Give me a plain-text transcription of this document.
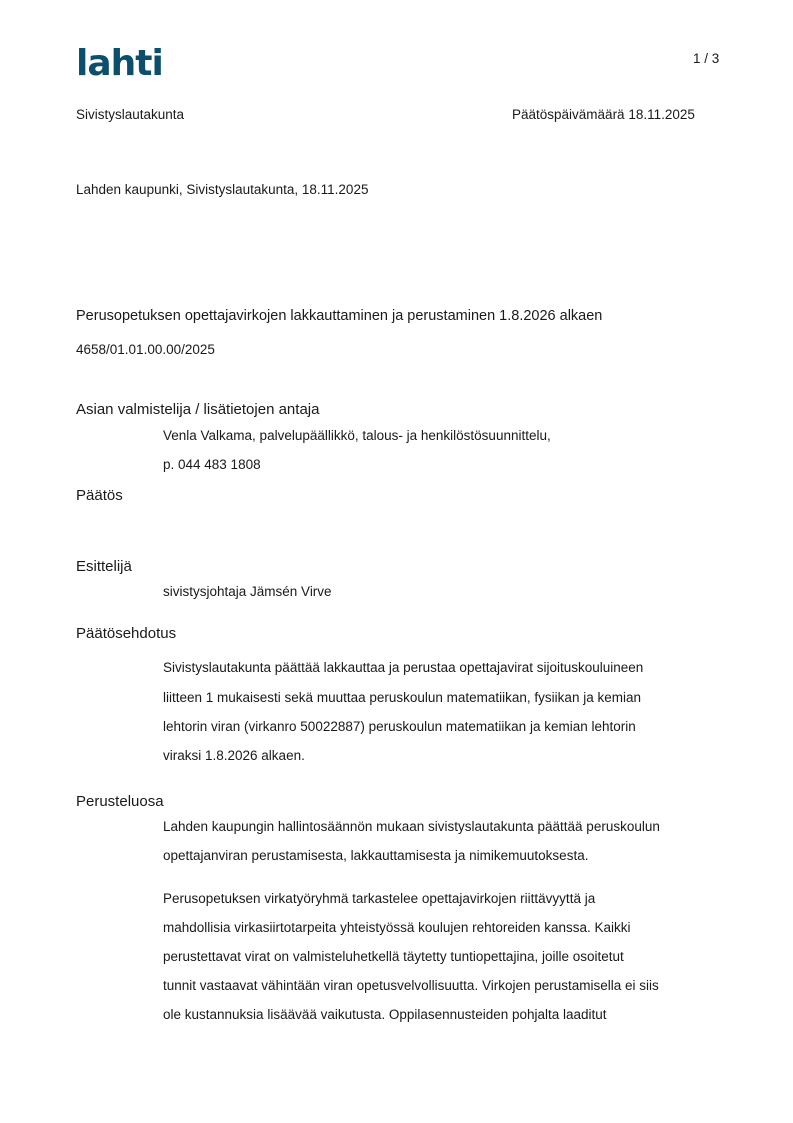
lahti	1 / 3
Sivistyslautakunta	Päätöspäivämäärä 18.11.2025
Lahden kaupunki, Sivistyslautakunta, 18.11.2025
Perusopetuksen opettajavirkojen lakkauttaminen ja perustaminen 1.8.2026 alkaen
4658/01.01.00.00/2025
Asian valmistelija / lisätietojen antaja
Venla Valkama, palvelupäällikkö, talous- ja henkilöstösuunnittelu,
p. 044 483 1808
Päätös
Esittelijä
sivistysjohtaja Jämsén Virve
Päätösehdotus
Sivistyslautakunta päättää lakkauttaa ja perustaa opettajavirat sijoituskouluineen
liitteen 1 mukaisesti sekä muuttaa peruskoulun matematiikan, fysiikan ja kemian
lehtorin viran (virkanro 50022887) peruskoulun matematiikan ja kemian lehtorin
viraksi 1.8.2026 alkaen.
Perusteluosa
Lahden kaupungin hallintosäännön mukaan sivistyslautakunta päättää peruskoulun
opettajanviran perustamisesta, lakkauttamisesta ja nimikemuutoksesta.
Perusopetuksen virkatyöryhmä tarkastelee opettajavirkojen riittävyyttä ja
mahdollisia virkasiirtotarpeita yhteistyössä koulujen rehtoreiden kanssa. Kaikki
perustettavat virat on valmisteluhetkellä täytetty tuntiopettajina, joille osoitetut
tunnit vastaavat vähintään viran opetusvelvollisuutta. Virkojen perustamisella ei siis
ole kustannuksia lisäävää vaikutusta. Oppilasennusteiden pohjalta laaditut
